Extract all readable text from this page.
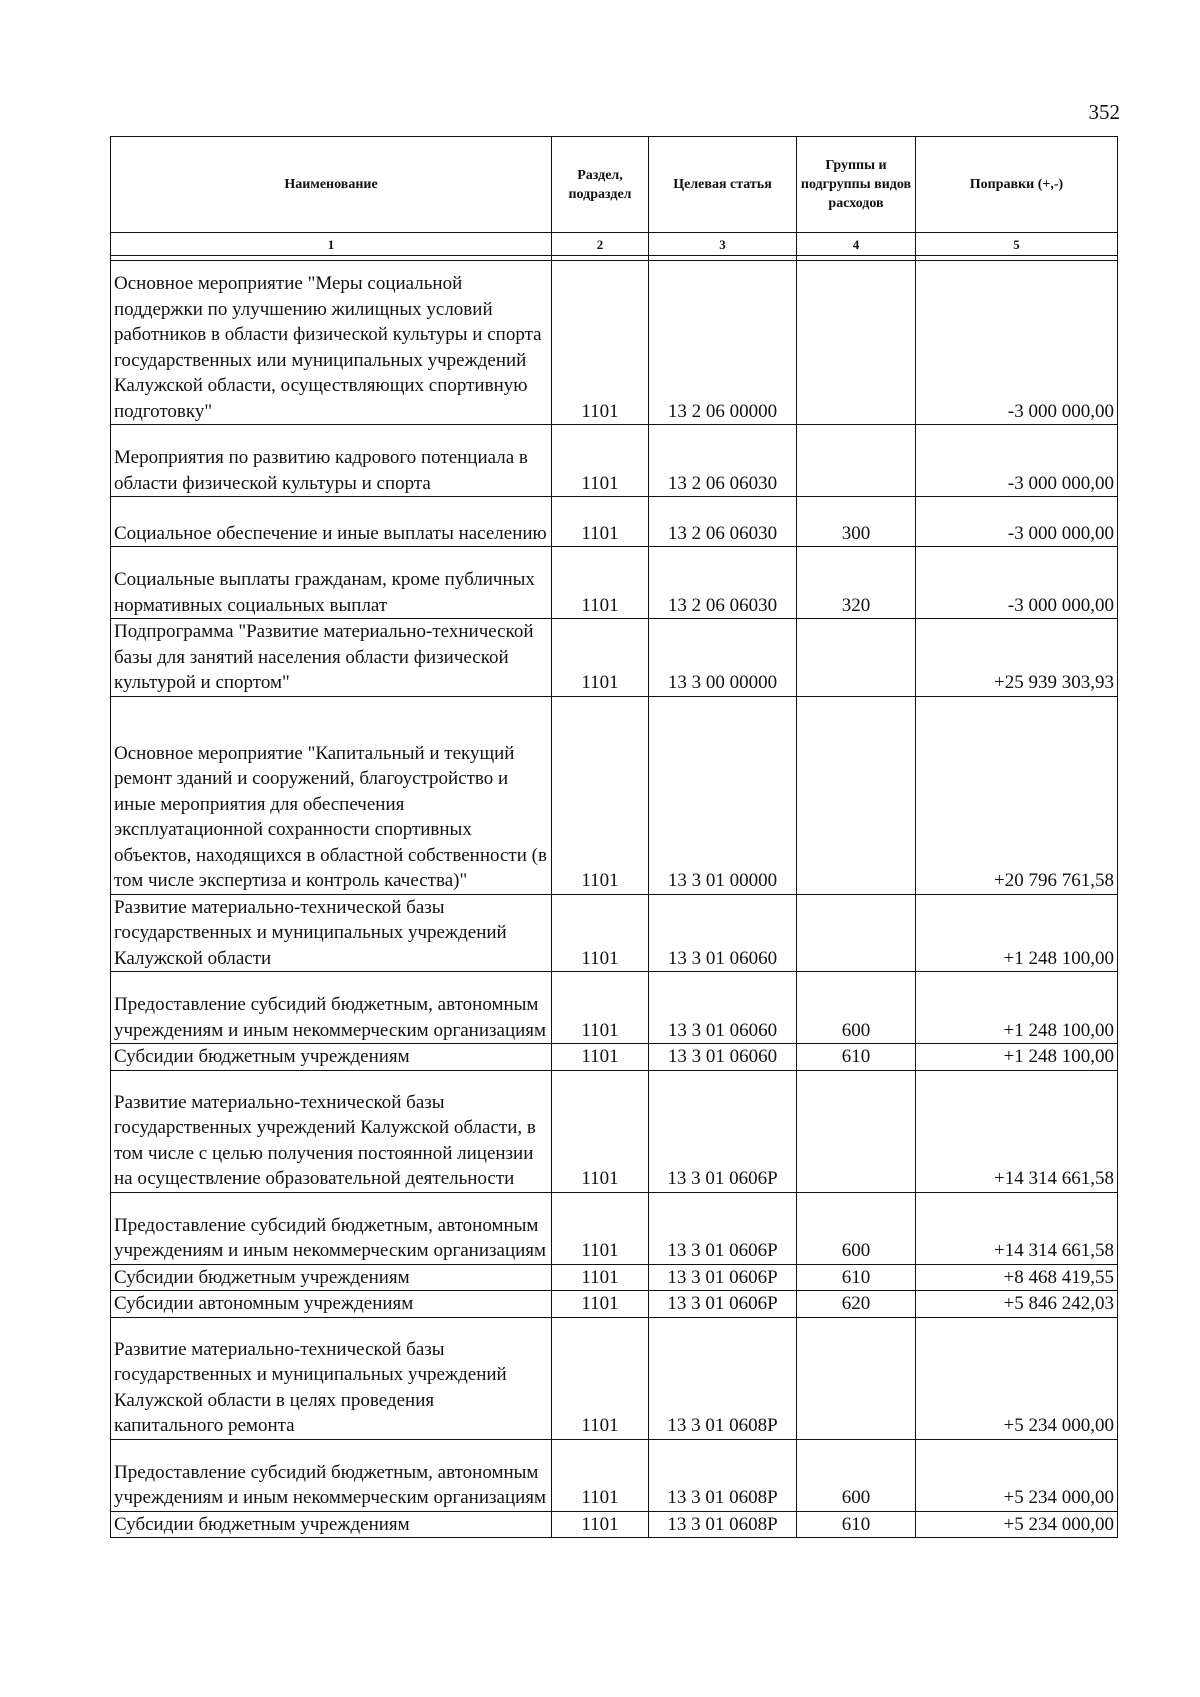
352
Наименование	Раздел, подраздел	Целевая статья	Группы и подгруппы видов расходов	Поправки (+,-)
1	2	3	4	5

Основное мероприятие "Меры социальной поддержки по улучшению жилищных условий работников в области физической культуры и спорта государственных или муниципальных учреждений Калужской области, осуществляющих спортивную подготовку"	1101	13 2 06 00000		-3 000 000,00
Мероприятия по развитию кадрового потенциала в области физической культуры и спорта	1101	13 2 06 06030		-3 000 000,00
Социальное обеспечение и иные выплаты населению	1101	13 2 06 06030	300	-3 000 000,00
Социальные выплаты гражданам, кроме публичных нормативных социальных выплат	1101	13 2 06 06030	320	-3 000 000,00
Подпрограмма "Развитие материально-технической базы для занятий населения области физической культурой и спортом"	1101	13 3 00 00000		+25 939 303,93
Основное мероприятие "Капитальный и текущий ремонт зданий и сооружений, благоустройство и иные мероприятия для обеспечения эксплуатационной сохранности спортивных объектов, находящихся в областной собственности (в том числе экспертиза и контроль качества)"	1101	13 3 01 00000		+20 796 761,58
Развитие материально-технической базы государственных и муниципальных учреждений Калужской области	1101	13 3 01 06060		+1 248 100,00
Предоставление субсидий бюджетным, автономным учреждениям и иным некоммерческим организациям	1101	13 3 01 06060	600	+1 248 100,00
Субсидии бюджетным учреждениям	1101	13 3 01 06060	610	+1 248 100,00
Развитие материально-технической базы государственных учреждений Калужской области, в том числе с целью получения постоянной лицензии на осуществление образовательной деятельности	1101	13 3 01 0606Р		+14 314 661,58
Предоставление субсидий бюджетным, автономным учреждениям и иным некоммерческим организациям	1101	13 3 01 0606Р	600	+14 314 661,58
Субсидии бюджетным учреждениям	1101	13 3 01 0606Р	610	+8 468 419,55
Субсидии автономным учреждениям	1101	13 3 01 0606Р	620	+5 846 242,03
Развитие материально-технической базы государственных и муниципальных учреждений Калужской области в целях проведения капитального ремонта	1101	13 3 01 0608Р		+5 234 000,00
Предоставление субсидий бюджетным, автономным учреждениям и иным некоммерческим организациям	1101	13 3 01 0608Р	600	+5 234 000,00
Субсидии бюджетным учреждениям	1101	13 3 01 0608Р	610	+5 234 000,00
